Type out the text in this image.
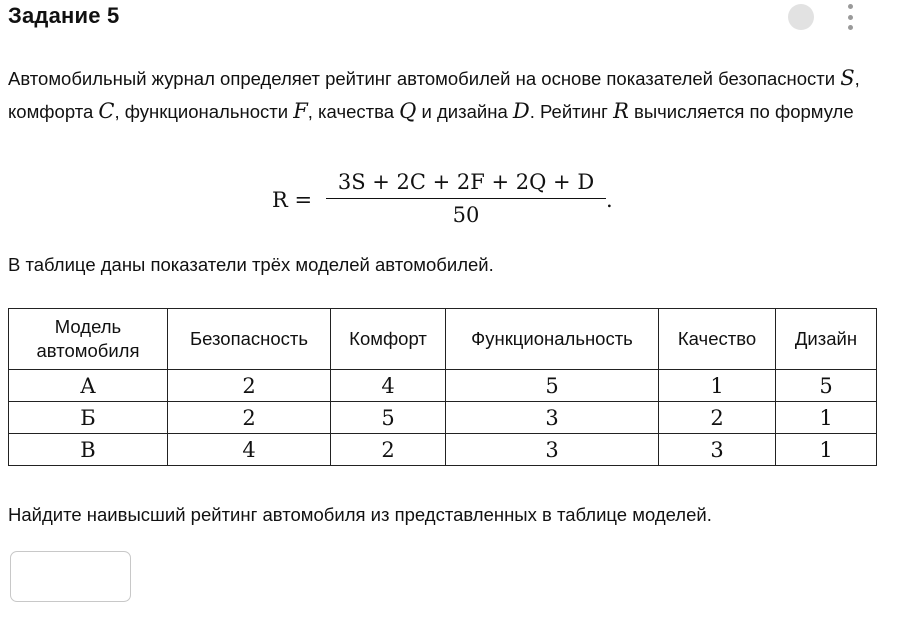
Задание 5
Автомобильный журнал определяет рейтинг автомобилей на основе показателей безопасности S, комфорта C, функциональности F, качества Q и дизайна D. Рейтинг R вычисляется по формуле
R =
3S + 2C + 2F + 2Q + D
50
.
В таблице даны показатели трёх моделей автомобилей.
Модель автомобиля	Безопасность	Комфорт	Функциональность	Качество	Дизайн
А	2	4	5	1	5
Б	2	5	3	2	1
В	4	2	3	3	1
Найдите наивысший рейтинг автомобиля из представленных в таблице моделей.
